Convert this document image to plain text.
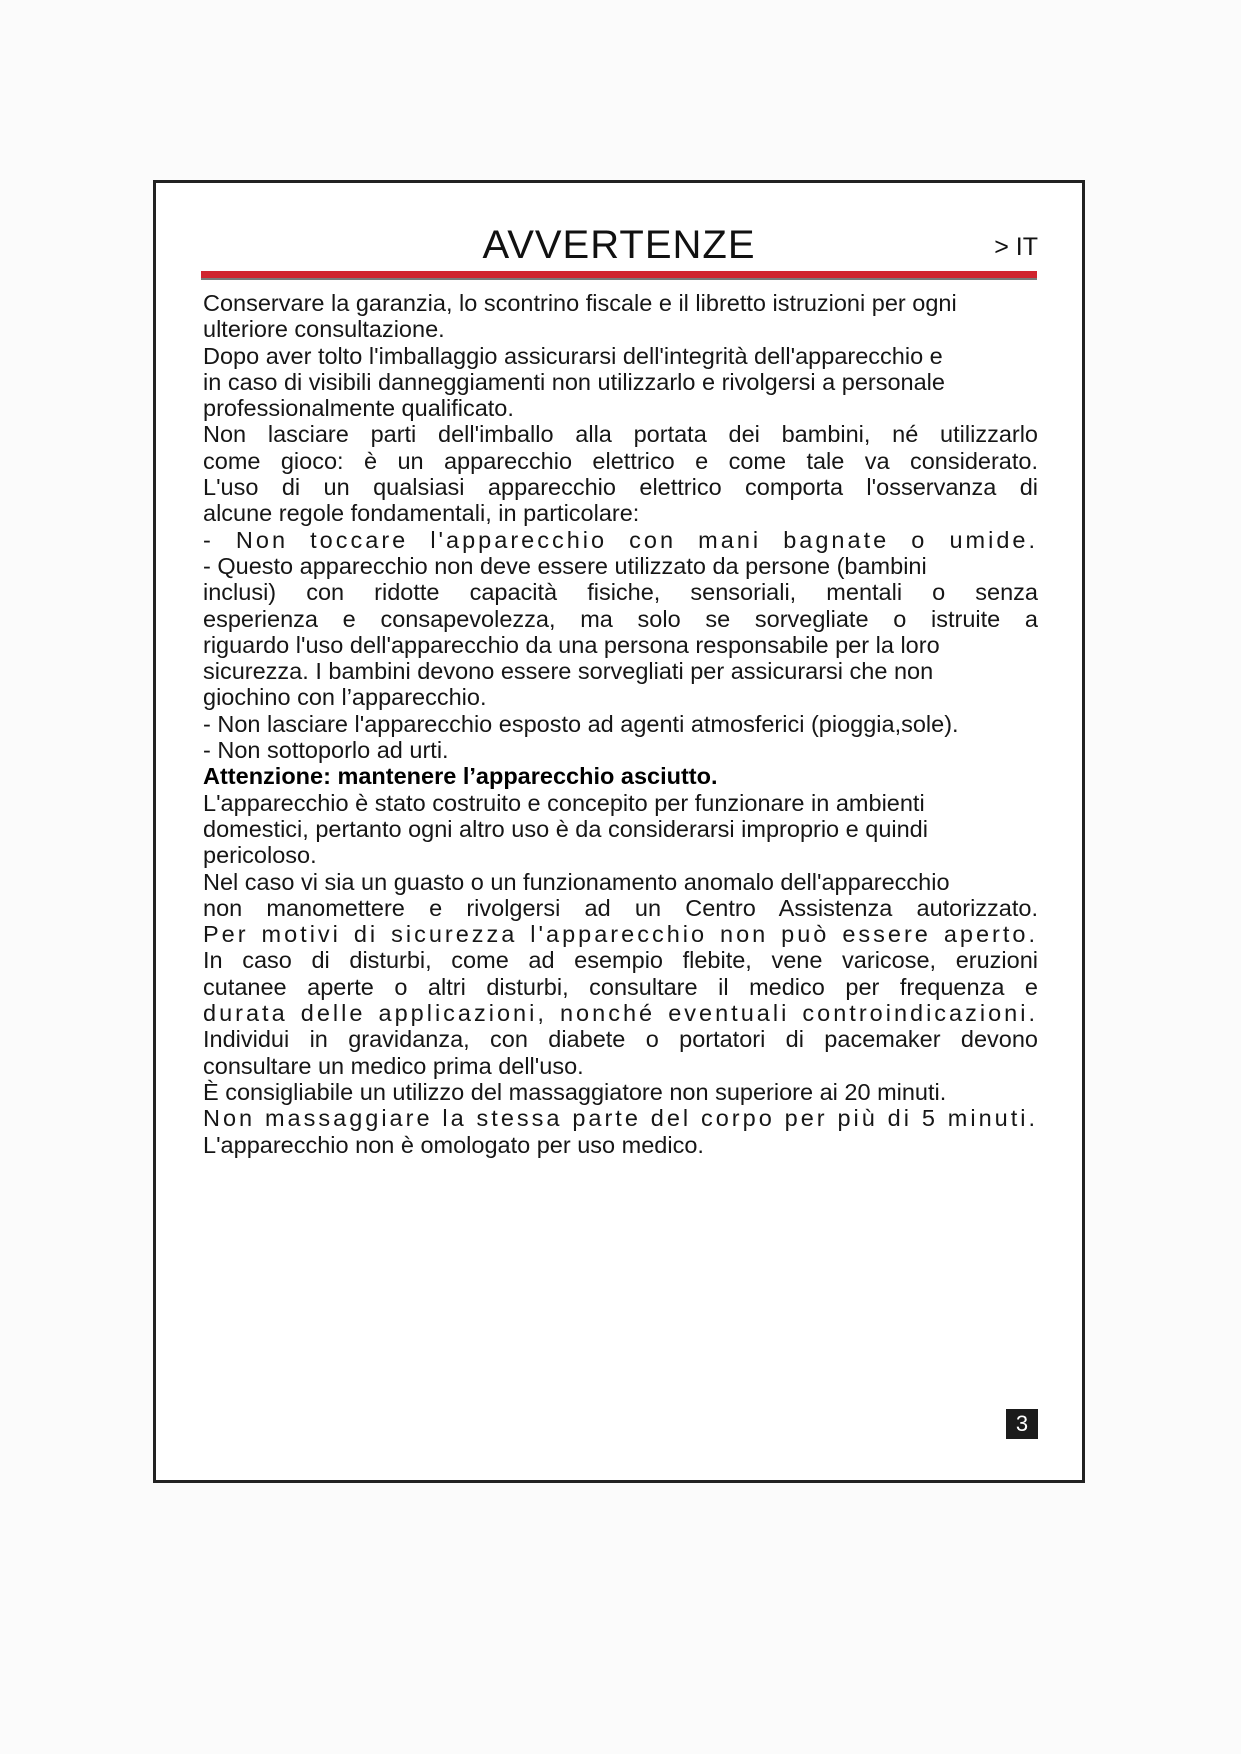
AVVERTENZE	> IT

Conservare la garanzia, lo scontrino fiscale e il libretto istruzioni per ogni

ulteriore consultazione.

Dopo aver tolto l'imballaggio assicurarsi dell'integrità dell'apparecchio e

in caso di visibili danneggiamenti non utilizzarlo e rivolgersi a personale

professionalmente qualificato.

Non lasciare parti dell'imballo alla portata dei bambini, né utilizzarlo

come gioco: è un apparecchio elettrico e come tale va considerato.

L'uso di un qualsiasi apparecchio elettrico comporta l'osservanza di

alcune regole fondamentali, in particolare:

- Non toccare l'apparecchio con mani bagnate o umide.

- Questo apparecchio non deve essere utilizzato da persone (bambini

inclusi) con ridotte capacità fisiche, sensoriali, mentali o senza

esperienza e consapevolezza, ma solo se sorvegliate o istruite a

riguardo l'uso dell'apparecchio da una persona responsabile per la loro

sicurezza. I bambini devono essere sorvegliati per assicurarsi che non

giochino con l’apparecchio.

- Non lasciare l'apparecchio esposto ad agenti atmosferici (pioggia,sole).

- Non sottoporlo ad urti.

Attenzione: mantenere l’apparecchio asciutto.

L'apparecchio è stato costruito e concepito per funzionare in ambienti

domestici, pertanto ogni altro uso è da considerarsi improprio e quindi

pericoloso.

Nel caso vi sia un guasto o un funzionamento anomalo dell'apparecchio

non manomettere e rivolgersi ad un Centro Assistenza autorizzato.

Per motivi di sicurezza l'apparecchio non può essere aperto.

In caso di disturbi, come ad esempio flebite, vene varicose, eruzioni

cutanee aperte o altri disturbi, consultare il medico per frequenza e

durata delle applicazioni, nonché eventuali controindicazioni.

Individui in gravidanza, con diabete o portatori di pacemaker devono

consultare un medico prima dell'uso.

È consigliabile un utilizzo del massaggiatore non superiore ai 20 minuti.

Non massaggiare la stessa parte del corpo per più di 5 minuti.

L'apparecchio non è omologato per uso medico.

3
